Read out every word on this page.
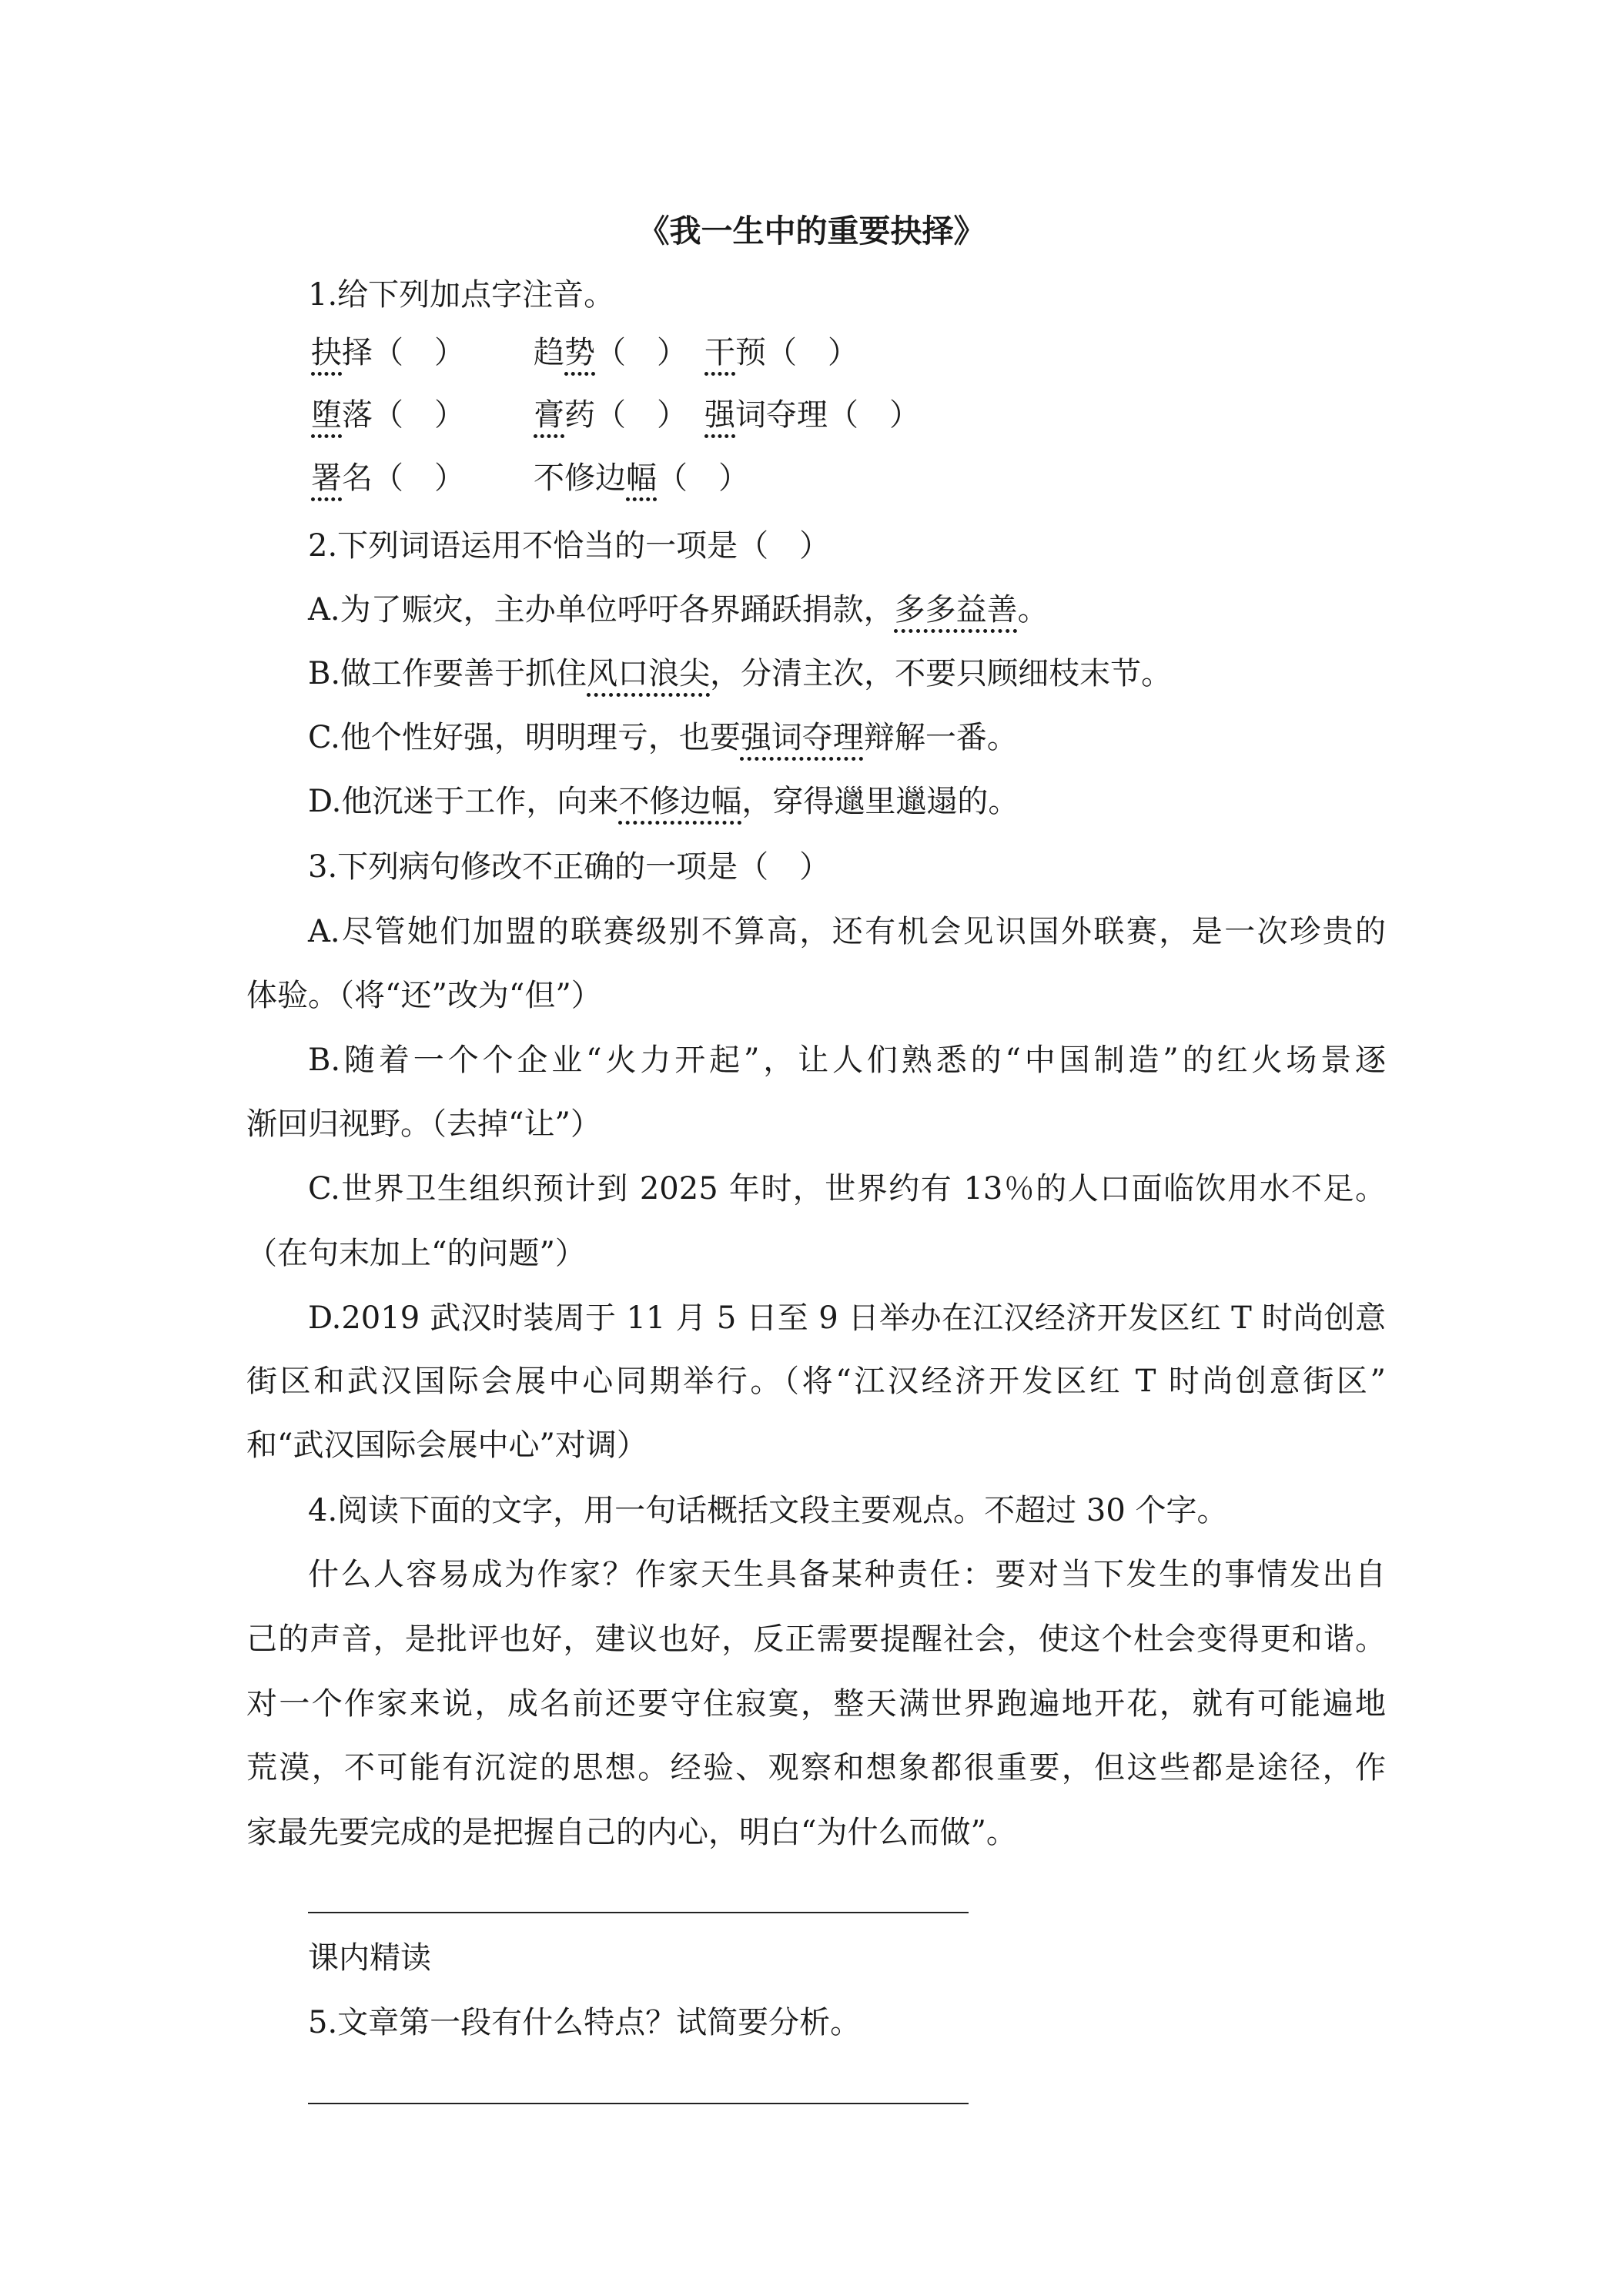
《我一生中的重要抉择》
1.给下列加点字注音。
抉择（　） 趋势（　） 干预（　）
堕落（　） 膏药（　） 强词夺理（　）
署名（　） 不修边幅（　）
2.下列词语运用不恰当的一项是（　）
A.为了赈灾，主办单位呼吁各界踊跃捐款，多多益善。
B.做工作要善于抓住风口浪尖，分清主次，不要只顾细枝末节。
C.他个性好强，明明理亏，也要强词夺理辩解一番。
D.他沉迷于工作，向来不修边幅，穿得邋里邋遢的。
3.下列病句修改不正确的一项是（　）
A.尽管她们加盟的联赛级别不算高，还有机会见识国外联赛，是一次珍贵的
体验。（将“还”改为“但”）
B.随着一个个企业“火力开起”，让人们熟悉的“中国制造”的红火场景逐
渐回归视野。（去掉“让”）
C.世界卫生组织预计到 2025 年时，世界约有 13％的人口面临饮用水不足。
（在句末加上“的问题”）
D.2019 武汉时装周于 11 月 5 日至 9 日举办在江汉经济开发区红 T 时尚创意
街区和武汉国际会展中心同期举行。（将“江汉经济开发区红 T 时尚创意街区”
和“武汉国际会展中心”对调）
4.阅读下面的文字，用一句话概括文段主要观点。不超过 30 个字。
什么人容易成为作家？作家天生具备某种责任：要对当下发生的事情发出自
己的声音，是批评也好，建议也好，反正需要提醒社会，使这个杜会变得更和谐。
对一个作家来说，成名前还要守住寂寞，整天满世界跑遍地开花，就有可能遍地
荒漠，不可能有沉淀的思想。经验、观察和想象都很重要，但这些都是途径，作
家最先要完成的是把握自己的内心，明白“为什么而做”。
课内精读
5.文章第一段有什么特点？试简要分析。
